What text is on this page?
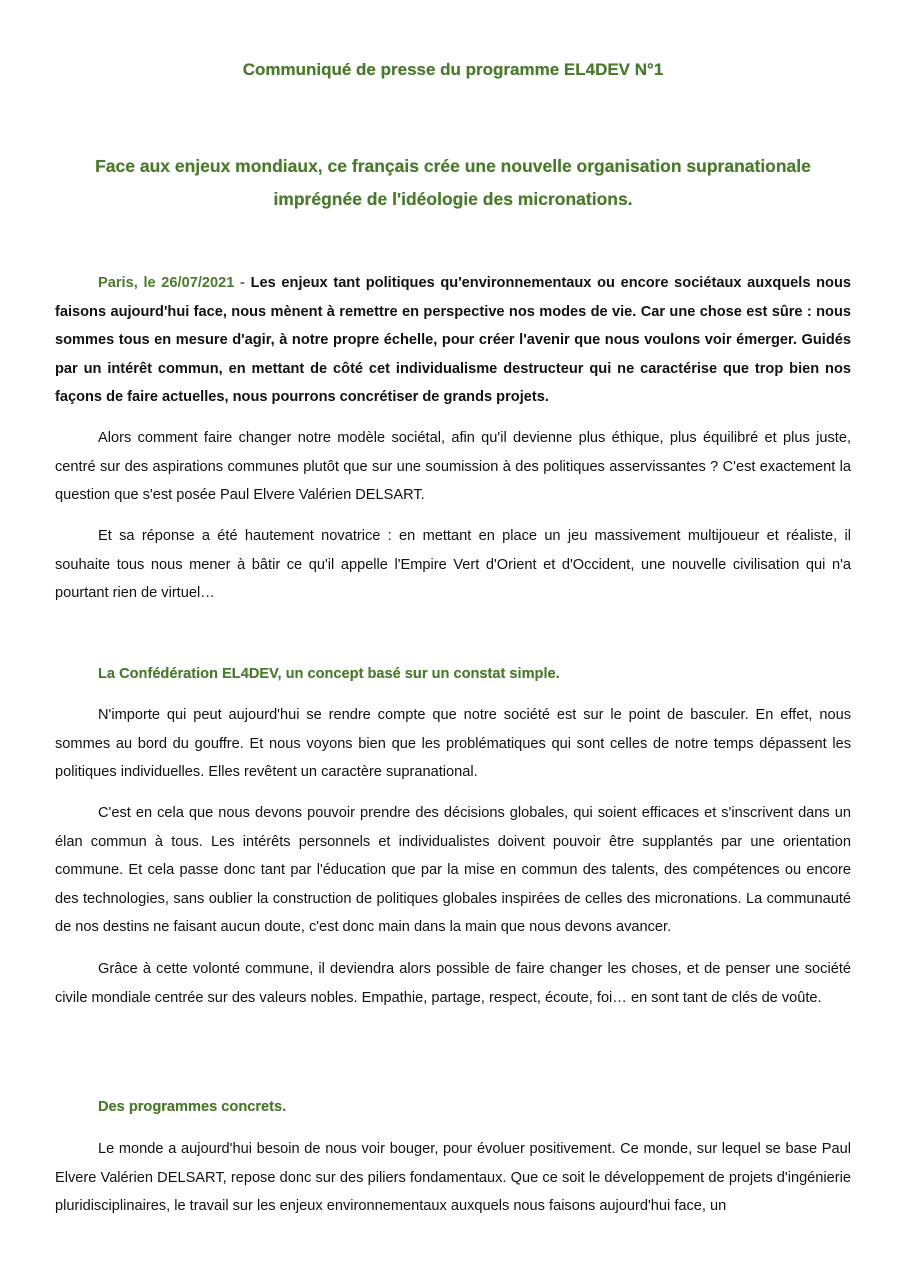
Communiqué de presse du programme EL4DEV N°1
Face aux enjeux mondiaux, ce français crée une nouvelle organisation supranationale imprégnée de l'idéologie des micronations.

Paris, le 26/07/2021 - Les enjeux tant politiques qu'environnementaux ou encore sociétaux auxquels nous faisons aujourd'hui face, nous mènent à remettre en perspective nos modes de vie. Car une chose est sûre : nous sommes tous en mesure d'agir, à notre propre échelle, pour créer l'avenir que nous voulons voir émerger. Guidés par un intérêt commun, en mettant de côté cet individualisme destructeur qui ne caractérise que trop bien nos façons de faire actuelles, nous pourrons concrétiser de grands projets.

Alors comment faire changer notre modèle sociétal, afin qu'il devienne plus éthique, plus équilibré et plus juste, centré sur des aspirations communes plutôt que sur une soumission à des politiques asservissantes ? C'est exactement la question que s'est posée Paul Elvere Valérien DELSART.

Et sa réponse a été hautement novatrice : en mettant en place un jeu massivement multijoueur et réaliste, il souhaite tous nous mener à bâtir ce qu'il appelle l'Empire Vert d'Orient et d'Occident, une nouvelle civilisation qui n'a pourtant rien de virtuel…

La Confédération EL4DEV, un concept basé sur un constat simple.

N'importe qui peut aujourd'hui se rendre compte que notre société est sur le point de basculer. En effet, nous sommes au bord du gouffre. Et nous voyons bien que les problématiques qui sont celles de notre temps dépassent les politiques individuelles. Elles revêtent un caractère supranational.

C'est en cela que nous devons pouvoir prendre des décisions globales, qui soient efficaces et s'inscrivent dans un élan commun à tous. Les intérêts personnels et individualistes doivent pouvoir être supplantés par une orientation commune. Et cela passe donc tant par l'éducation que par la mise en commun des talents, des compétences ou encore des technologies, sans oublier la construction de politiques globales inspirées de celles des micronations. La communauté de nos destins ne faisant aucun doute, c'est donc main dans la main que nous devons avancer.

Grâce à cette volonté commune, il deviendra alors possible de faire changer les choses, et de penser une société civile mondiale centrée sur des valeurs nobles. Empathie, partage, respect, écoute, foi… en sont tant de clés de voûte.

Des programmes concrets.

Le monde a aujourd'hui besoin de nous voir bouger, pour évoluer positivement. Ce monde, sur lequel se base Paul Elvere Valérien DELSART, repose donc sur des piliers fondamentaux. Que ce soit le développement de projets d'ingénierie pluridisciplinaires, le travail sur les enjeux environnementaux auxquels nous faisons aujourd'hui face, un
